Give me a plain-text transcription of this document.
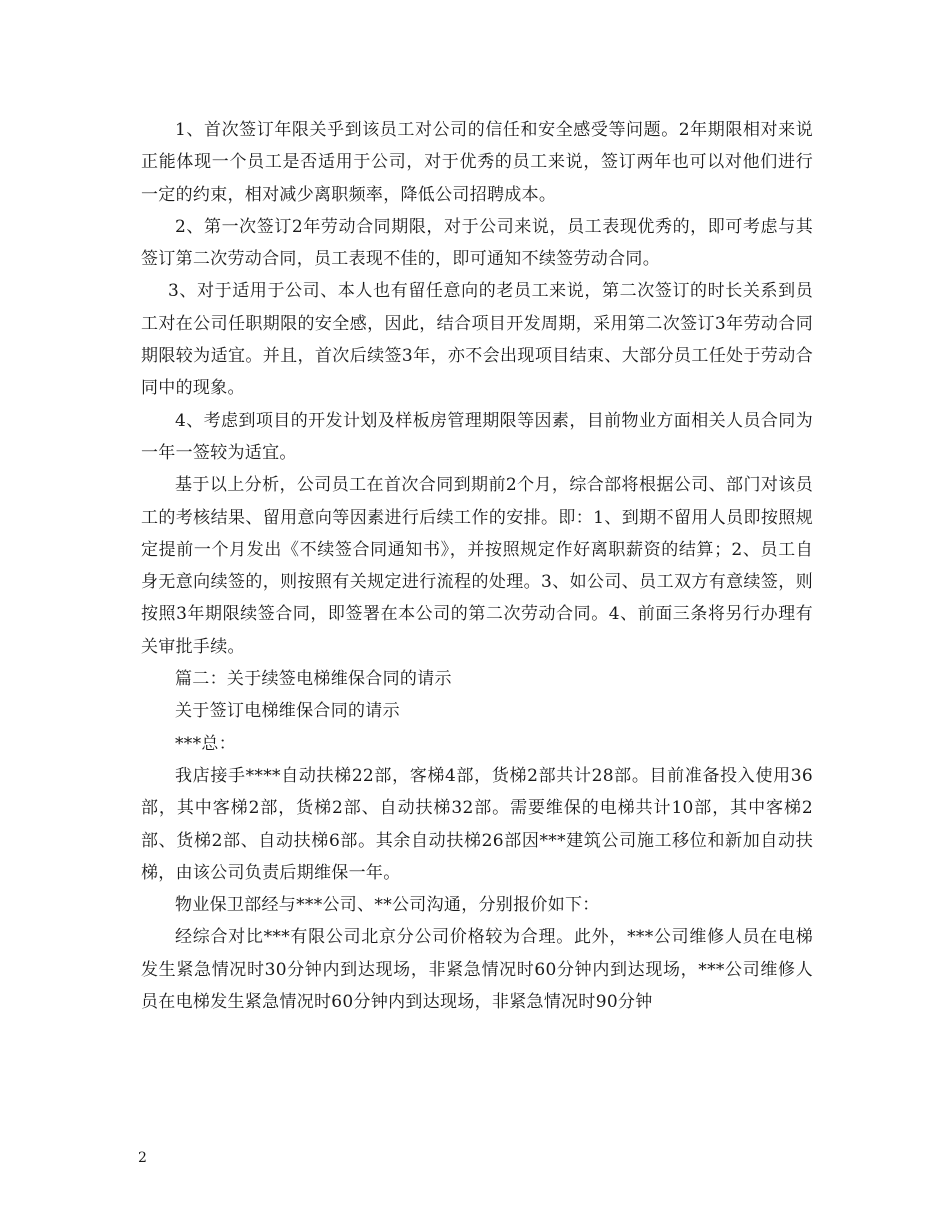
1、首次签订年限关乎到该员工对公司的信任和安全感受等问题。2年期限相对来说正能体现一个员工是否适用于公司，对于优秀的员工来说，签订两年也可以对他们进行一定的约束，相对减少离职频率，降低公司招聘成本。

2、第一次签订2年劳动合同期限，对于公司来说，员工表现优秀的，即可考虑与其签订第二次劳动合同，员工表现不佳的，即可通知不续签劳动合同。

3、对于适用于公司、本人也有留任意向的老员工来说，第二次签订的时长关系到员工对在公司任职期限的安全感，因此，结合项目开发周期，采用第二次签订3年劳动合同期限较为适宜。并且，首次后续签3年，亦不会出现项目结束、大部分员工任处于劳动合同中的现象。

4、考虑到项目的开发计划及样板房管理期限等因素，目前物业方面相关人员合同为一年一签较为适宜。

基于以上分析，公司员工在首次合同到期前2个月，综合部将根据公司、部门对该员工的考核结果、留用意向等因素进行后续工作的安排。即：1、到期不留用人员即按照规定提前一个月发出《不续签合同通知书》，并按照规定作好离职薪资的结算；2、员工自身无意向续签的，则按照有关规定进行流程的处理。3、如公司、员工双方有意续签，则按照3年期限续签合同，即签署在本公司的第二次劳动合同。4、前面三条将另行办理有关审批手续。

篇二：关于续签电梯维保合同的请示

关于签订电梯维保合同的请示

***总：

我店接手****自动扶梯22部，客梯4部，货梯2部共计28部。目前准备投入使用36部，其中客梯2部，货梯2部、自动扶梯32部。需要维保的电梯共计10部，其中客梯2部、货梯2部、自动扶梯6部。其余自动扶梯26部因***建筑公司施工移位和新加自动扶梯，由该公司负责后期维保一年。

物业保卫部经与***公司、**公司沟通，分别报价如下：

经综合对比***有限公司北京分公司价格较为合理。此外，***公司维修人员在电梯发生紧急情况时30分钟内到达现场，非紧急情况时60分钟内到达现场，***公司维修人员在电梯发生紧急情况时60分钟内到达现场，非紧急情况时90分钟

2
